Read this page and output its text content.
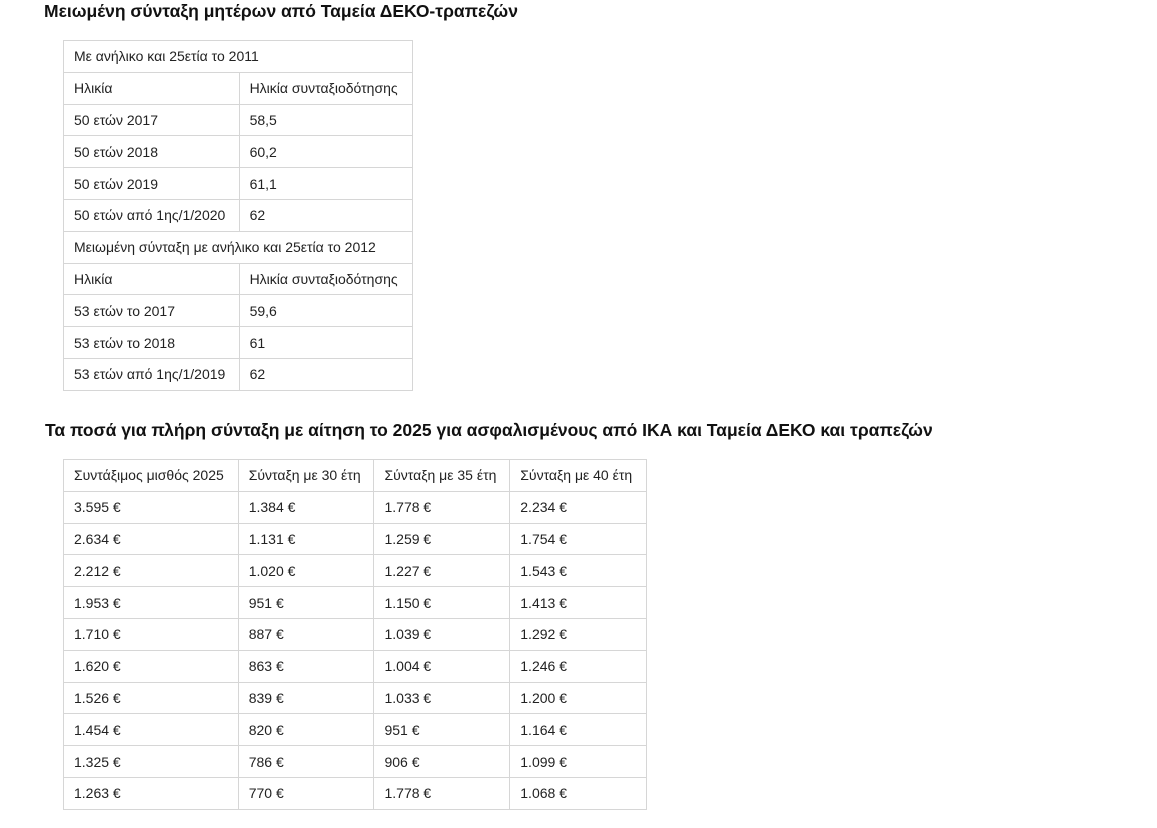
Μειωμένη σύνταξη μητέρων από Ταμεία ΔΕΚΟ-τραπεζών
Με ανήλικο και 25ετία το 2011	
Ηλικία	Ηλικία συνταξιοδότησης
50 ετών 2017	58,5
50 ετών 2018	60,2
50 ετών 2019	61,1
50 ετών από 1ης/1/2020	62
Μειωμένη σύνταξη με ανήλικο και 25ετία το 2012	
Ηλικία	Ηλικία συνταξιοδότησης
53 ετών το 2017	59,6
53 ετών το 2018	61
53 ετών από 1ης/1/2019	62
Τα ποσά για πλήρη σύνταξη με αίτηση το 2025 για ασφαλισμένους από ΙΚΑ και Ταμεία ΔΕΚΟ και τραπεζών
Συντάξιμος μισθός 2025	Σύνταξη με 30 έτη	Σύνταξη με 35 έτη	Σύνταξη με 40 έτη
3.595 €	1.384 €	1.778 €	2.234 €
2.634 €	1.131 €	1.259 €	1.754 €
2.212 €	1.020 €	1.227 €	1.543 €
1.953 €	951 €	1.150 €	1.413 €
1.710 €	887 €	1.039 €	1.292 €
1.620 €	863 €	1.004 €	1.246 €
1.526 €	839 €	1.033 €	1.200 €
1.454 €	820 €	951 €	1.164 €
1.325 €	786 €	906 €	1.099 €
1.263 €	770 €	1.778 €	1.068 €
